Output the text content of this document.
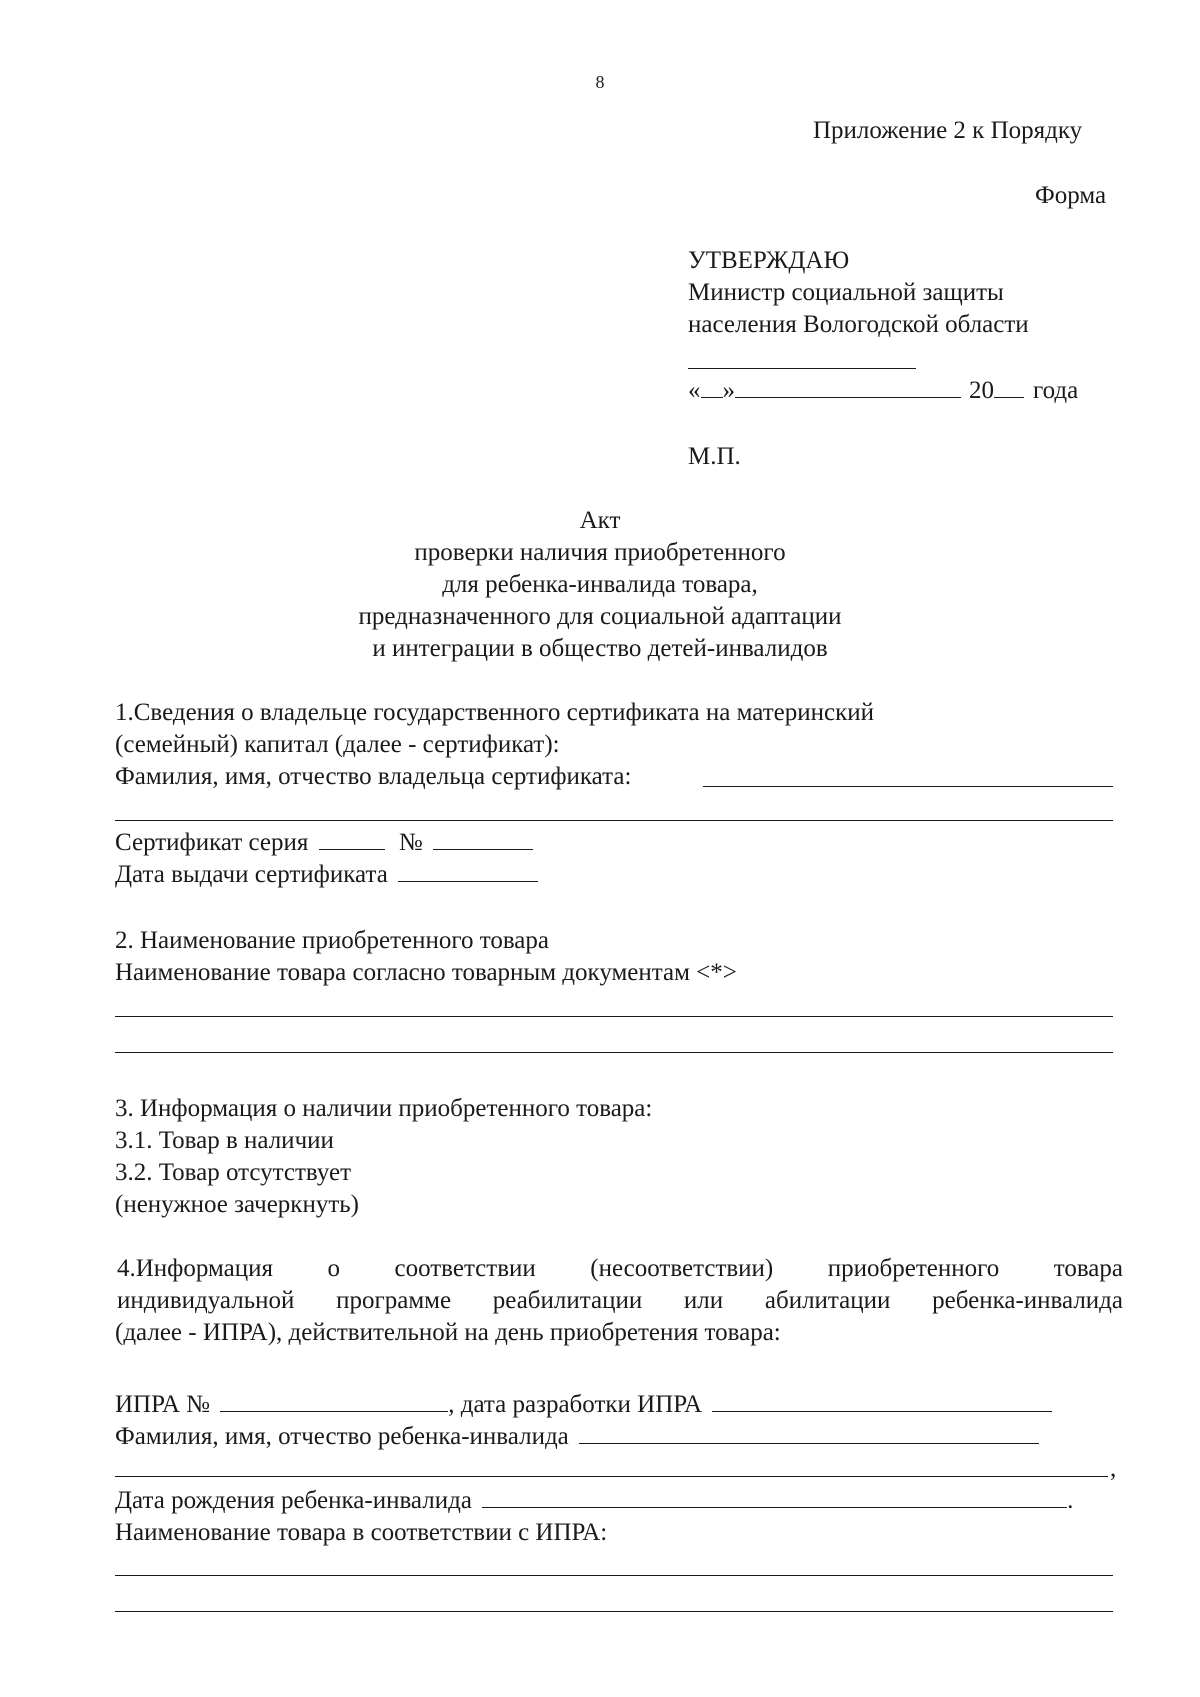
8
Приложение 2 к Порядку
Форма
УТВЕРЖДАЮ
Министр социальной защиты
населения Вологодской области
« »	20 года
М.П.
Акт
проверки наличия приобретенного
для ребенка-инвалида товара,
предназначенного для социальной адаптации
и интеграции в общество детей-инвалидов
1.Сведения о владельце государственного сертификата на материнский
(семейный) капитал (далее - сертификат):
Фамилия, имя, отчество владельца сертификата:
Сертификат серия	№
Дата выдачи сертификата
2. Наименование приобретенного товара
Наименование товара согласно товарным документам <*>
3. Информация о наличии приобретенного товара:
3.1. Товар в наличии
3.2. Товар отсутствует
(ненужное зачеркнуть)
4.Информация о соответствии (несоответствии) приобретенного товара
индивидуальной программе реабилитации или абилитации ребенка-инвалида
(далее - ИПРА), действительной на день приобретения товара:
ИПРА №	, дата разработки ИПРА
Фамилия, имя, отчество ребенка-инвалида
,
Дата рождения ребенка-инвалида	.
Наименование товара в соответствии с ИПРА:
